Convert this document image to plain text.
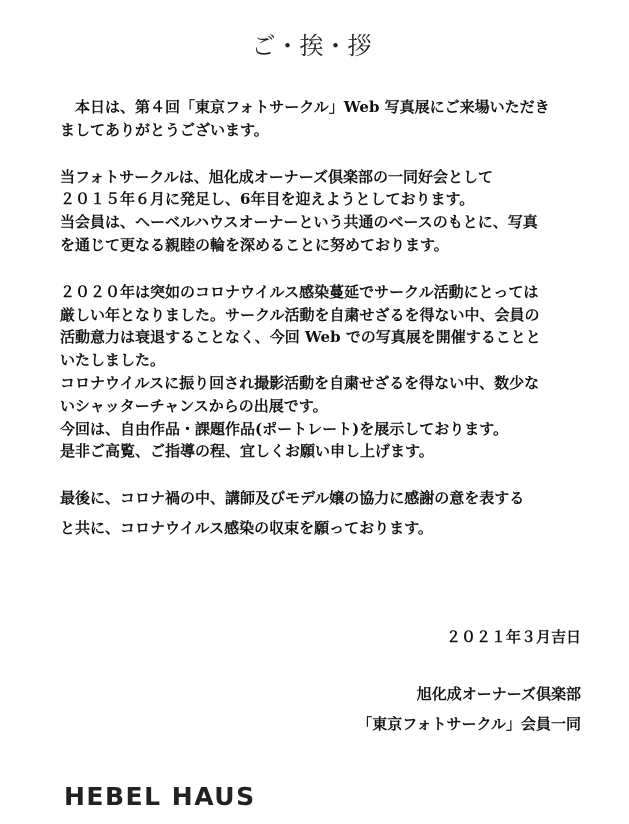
ご･挨･拶
　本日は、第４回「東京フォトサークル」Web 写真展にご来場いただき
ましてありがとうございます。
当フォトサークルは、旭化成オーナーズ倶楽部の一同好会として
２０１５年６月に発足し、6年目を迎えようとしております。
当会員は、ヘーベルハウスオーナーという共通のベースのもとに、写真
を通じて更なる親睦の輪を深めることに努めております。
２０２０年は突如のコロナウイルス感染蔓延でサークル活動にとっては
厳しい年となりました。サークル活動を自粛せざるを得ない中、会員の
活動意力は衰退することなく、今回 Web での写真展を開催することと
いたしました。
コロナウイルスに振り回され撮影活動を自粛せざるを得ない中、数少な
いシャッターチャンスからの出展です。
今回は、自由作品・課題作品(ポートレート)を展示しております。
是非ご高覧、ご指導の程、宜しくお願い申し上げます。
最後に、コロナ禍の中、講師及びモデル嬢の協力に感謝の意を表する
と共に、コロナウイルス感染の収束を願っております。
２０２１年３月吉日
旭化成オーナーズ倶楽部
「東京フォトサークル」会員一同
HEBEL HAUS
